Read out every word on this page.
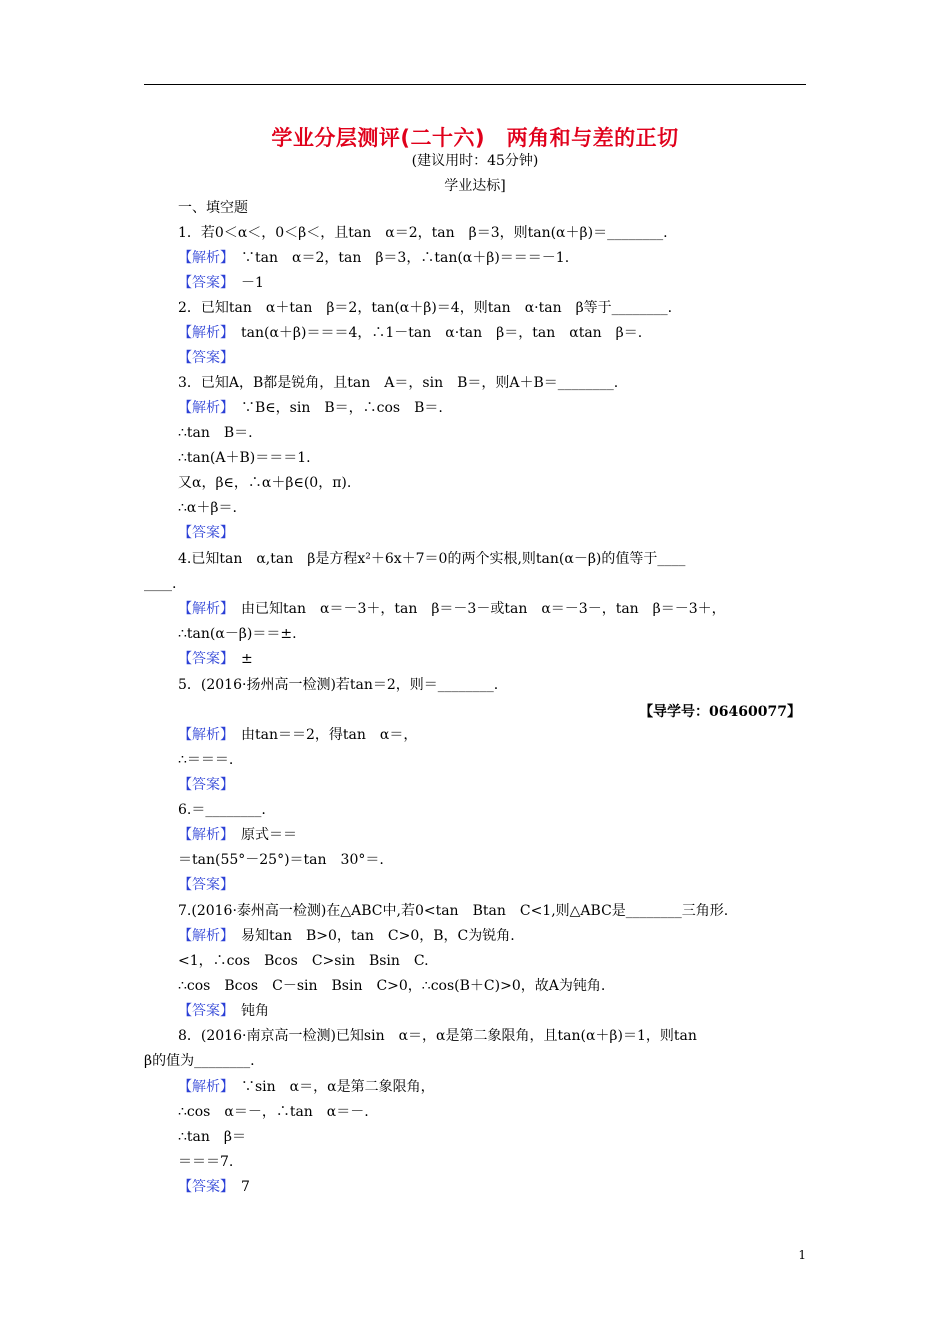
学业分层测评(二十六)　两角和与差的正切
(建议用时：45分钟)
学业达标]
一、填空题
1．若0＜α＜，0＜β＜，且tan　α＝2，tan　β＝3，则tan(α＋β)＝________.
【解析】　∵tan　α＝2，tan　β＝3，∴tan(α＋β)＝＝＝－1.
【答案】　－1
2．已知tan　α＋tan　β＝2，tan(α＋β)＝4，则tan　α·tan　β等于________.
【解析】　tan(α＋β)＝＝＝4，∴1－tan　α·tan　β＝，tan　αtan　β＝.
【答案】
3．已知A，B都是锐角，且tan　A＝，sin　B＝，则A＋B＝________.
【解析】　∵B∈，sin　B＝，∴cos　B＝.
∴tan　B＝.
∴tan(A＋B)＝＝＝1.
又α，β∈，∴α＋β∈(0，π).
∴α＋β＝.
【答案】
4.已知tan　α,tan　β是方程x²＋6x＋7＝0的两个实根,则tan(α－β)的值等于____
____.
【解析】　由已知tan　α＝－3＋，tan　β＝－3－或tan　α＝－3－，tan　β＝－3＋，
∴tan(α－β)＝＝±.
【答案】　±
5．(2016·扬州高一检测)若tan＝2，则＝________.
【解析】　由tan＝＝2，得tan　α＝，
∴＝＝＝.
【答案】
6.＝________.
【解析】　原式＝＝
＝tan(55°－25°)＝tan　30°＝.
【答案】
7.(2016·泰州高一检测)在△ABC中,若0<tan　Btan　C<1,则△ABC是________三角形.
【解析】　易知tan　B>0，tan　C>0，B，C为锐角.
<1，∴cos　Bcos　C>sin　Bsin　C.
∴cos　Bcos　C－sin　Bsin　C>0，∴cos(B＋C)>0，故A为钝角.
【答案】　钝角
8．(2016·南京高一检测)已知sin　α＝，α是第二象限角，且tan(α＋β)＝1，则tan
β的值为________.
【解析】　∵sin　α＝，α是第二象限角，
∴cos　α＝－，∴tan　α＝－.
∴tan　β＝
＝＝＝7.
【答案】　7
【导学号：06460077】
1
